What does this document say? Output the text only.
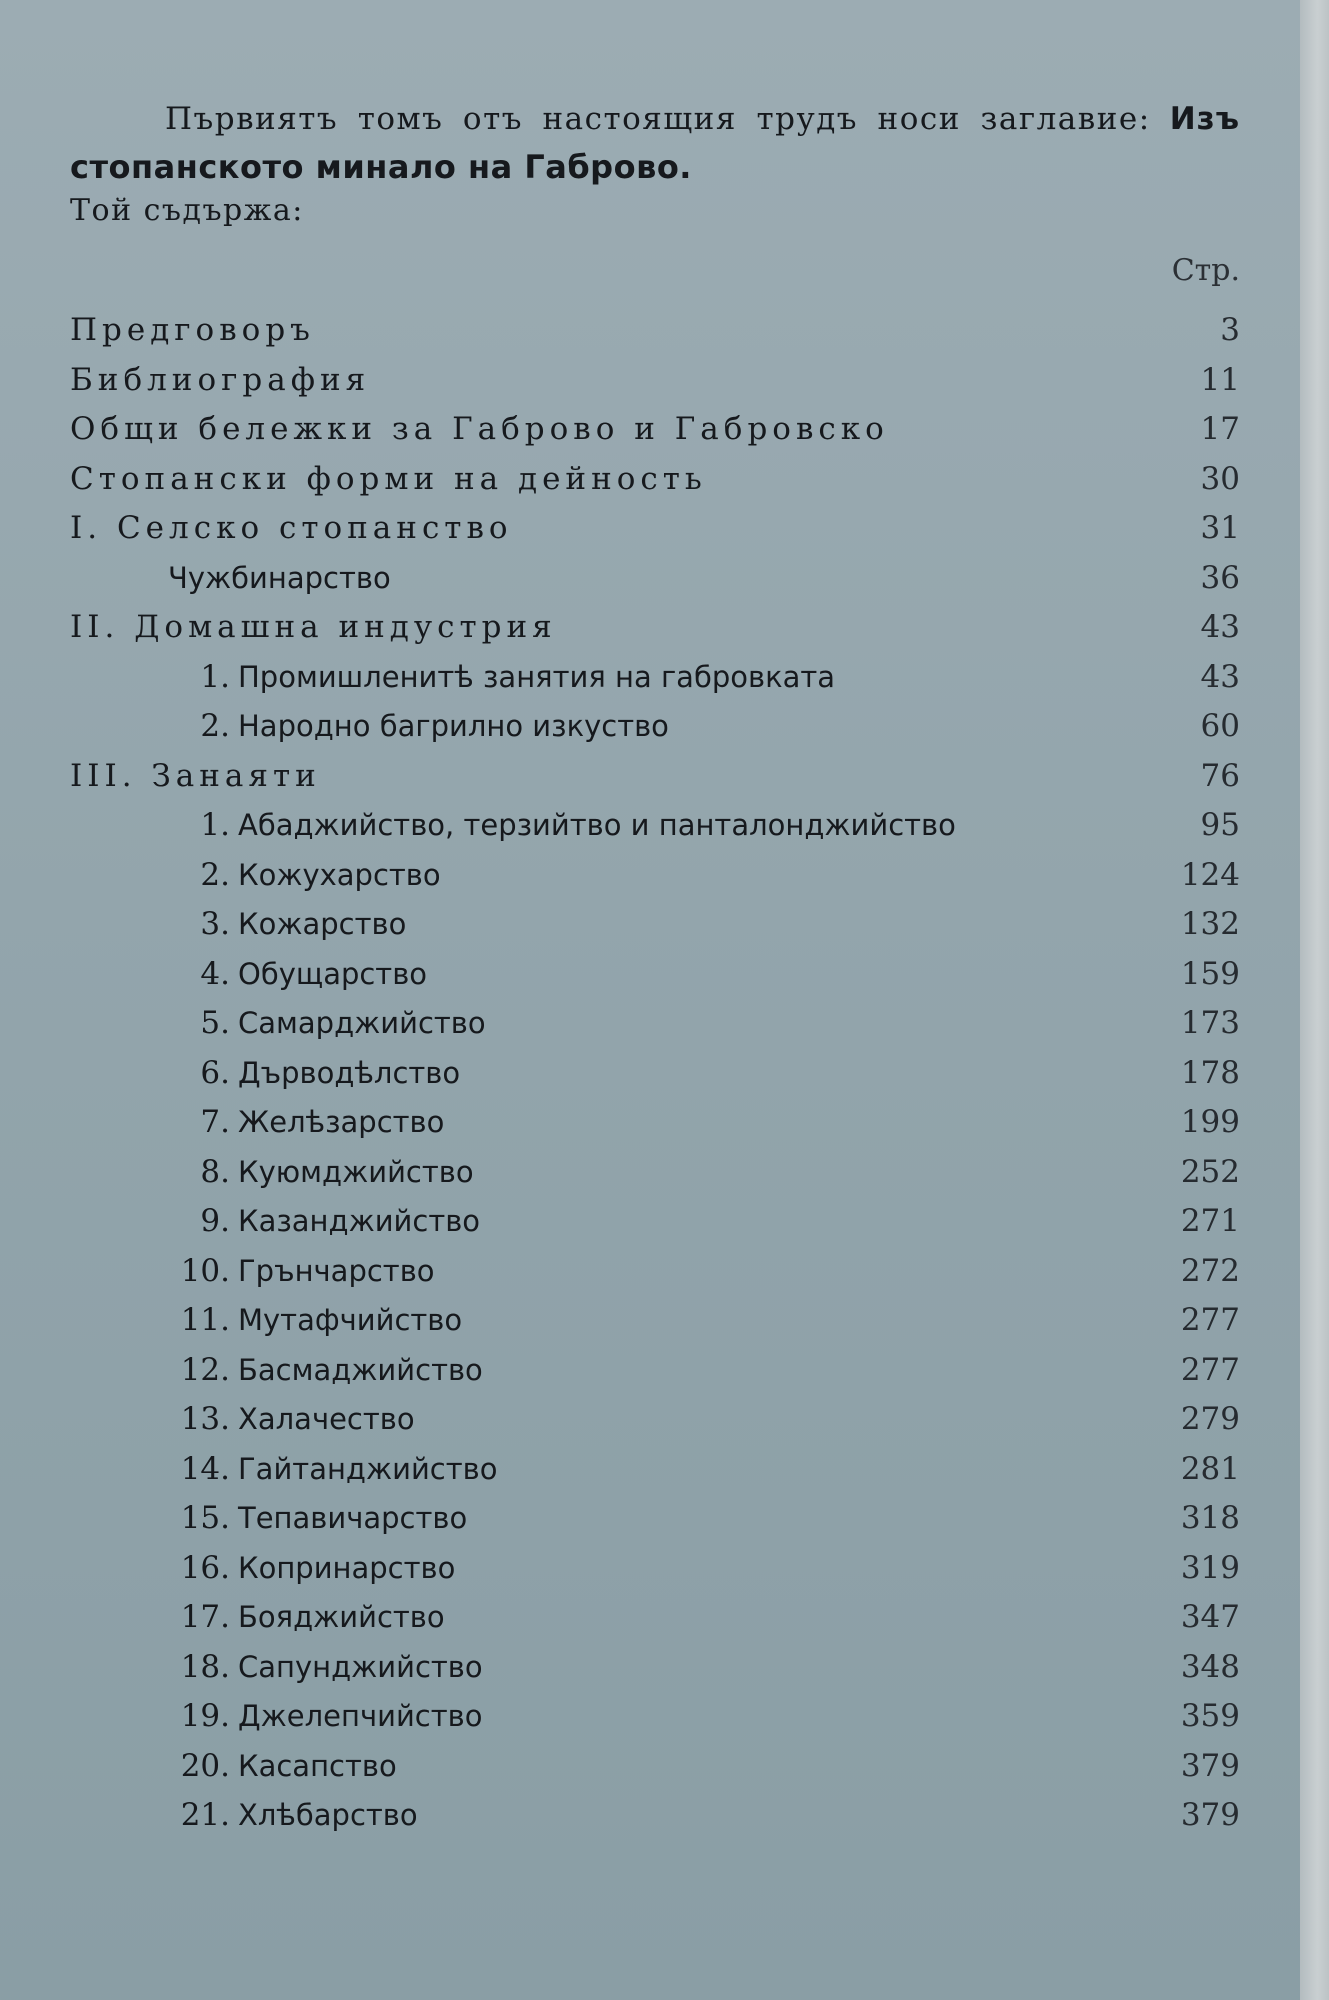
Първиятъ томъ отъ настоящия трудъ носи заглавие: Изъ
стопанското минало на Габрово.
Той съдържа:
Стр.
Предговоръ	3
Библиография	11
Общи бележки за Габрово и Габровско	17
Стопански форми на дейность	30
I. Селско стопанство	31
Чужбинарство	36
II. Домашна индустрия	43
1. Промишленитѣ занятия на габровката	43
2. Народно багрилно изкуство	60
III. Занаяти	76
1. Абаджийство, терзийтво и панталонджийство	95
2. Кожухарство	124
3. Кожарство	132
4. Обущарство	159
5. Самарджийство	173
6. Дърводѣлство	178
7. Желѣзарство	199
8. Куюмджийство	252
9. Казанджийство	271
10. Грънчарство	272
11. Мутафчийство	277
12. Басмаджийство	277
13. Халачество	279
14. Гайтанджийство	281
15. Тепавичарство	318
16. Копринарство	319
17. Бояджийство	347
18. Сапунджийство	348
19. Джелепчийство	359
20. Касапство	379
21. Хлѣбарство	379
